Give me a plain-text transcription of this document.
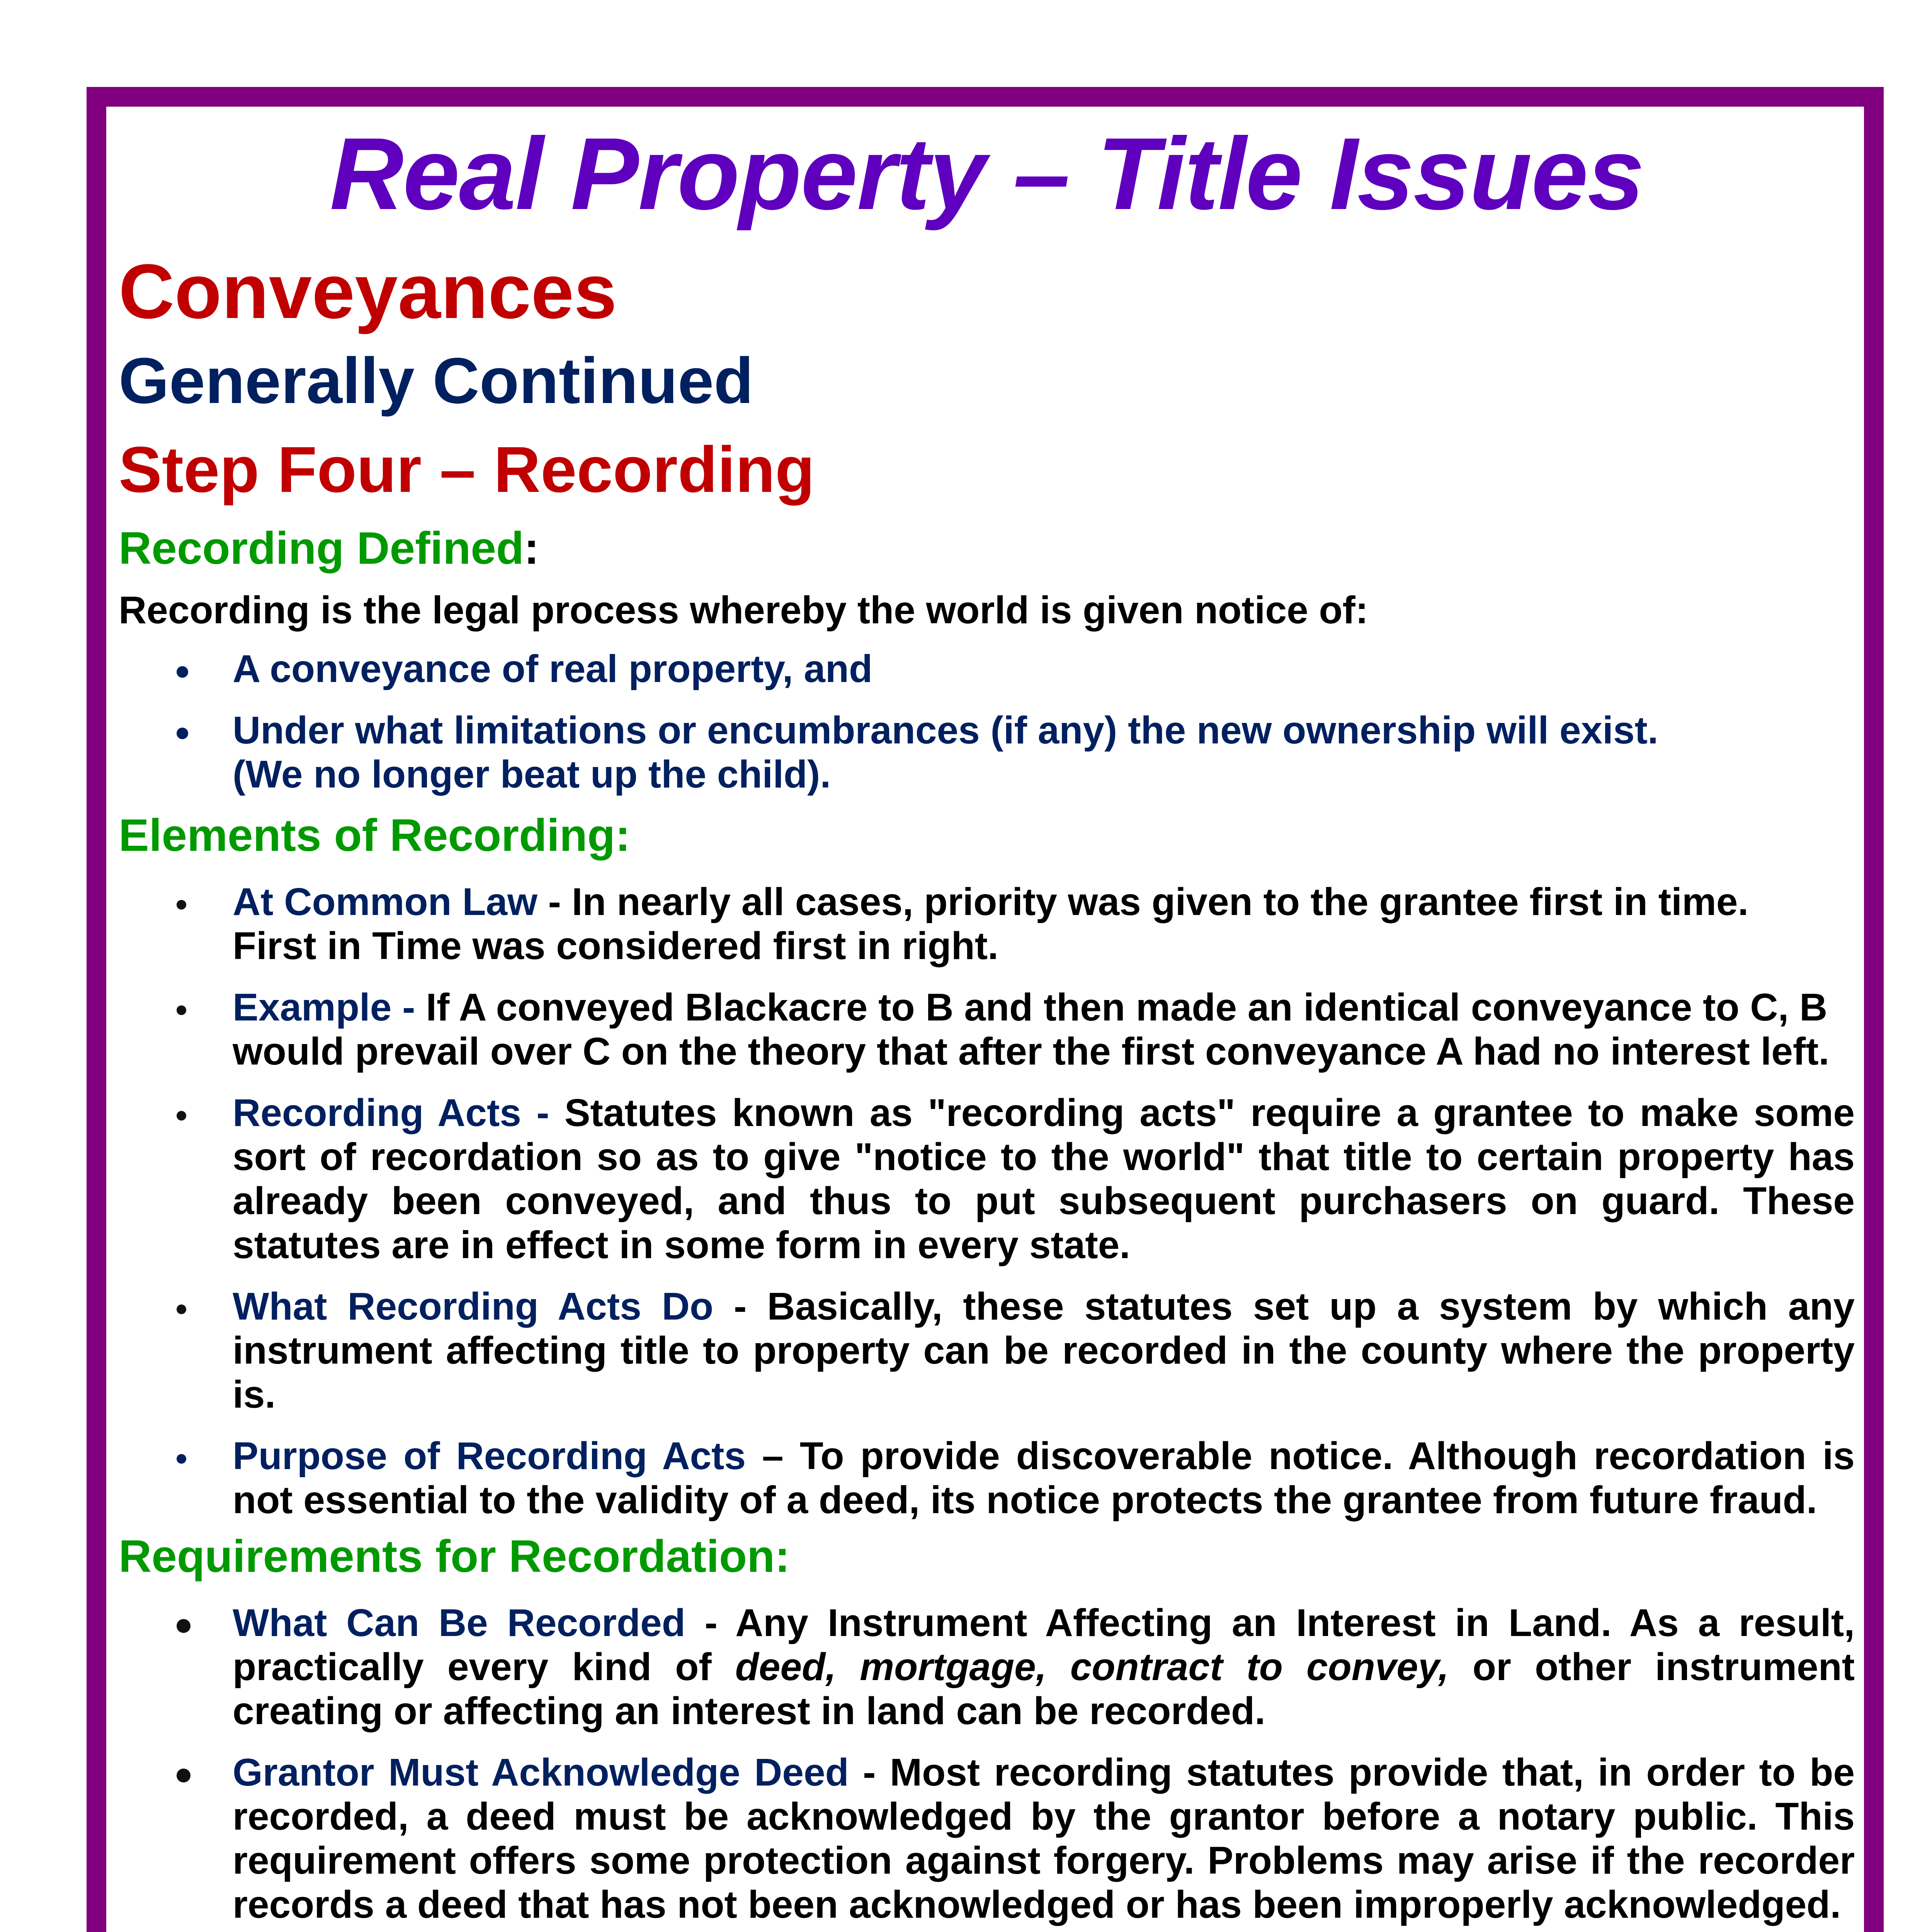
Real Property – Title Issues
Conveyances
Generally Continued
Step Four – Recording
Recording Defined:
Recording is the legal process whereby the world is given notice of:
A conveyance of real property, and
Under what limitations or encumbrances (if any) the new ownership will exist.
(We no longer beat up the child).
Elements of Recording:
At Common Law - In nearly all cases, priority was given to the grantee first in time.
First in Time was considered first in right.
Example - If A conveyed Blackacre to B and then made an identical conveyance to C, B would prevail over C on the theory that after the first conveyance A had no interest left.
Recording Acts - Statutes known as "recording acts" require a grantee to make some sort of recordation so as to give "notice to the world" that title to certain property has already been conveyed, and thus to put subsequent purchasers on guard. These statutes are in effect in some form in every state.
What Recording Acts Do - Basically, these statutes set up a system by which any instrument affecting title to property can be recorded in the county where the property is.
Purpose of Recording Acts – To provide discoverable notice. Although recordation is not essential to the validity of a deed, its notice protects the grantee from future fraud.
Requirements for Recordation:
What Can Be Recorded - Any Instrument Affecting an Interest in Land. As a result, practically every kind of deed, mortgage, contract to convey, or other instrument creating or affecting an interest in land can be recorded.
Grantor Must Acknowledge Deed - Most recording statutes provide that, in order to be recorded, a deed must be acknowledged by the grantor before a notary public. This requirement offers some protection against forgery. Problems may arise if the recorder records a deed that has not been acknowledged or has been improperly acknowledged.
